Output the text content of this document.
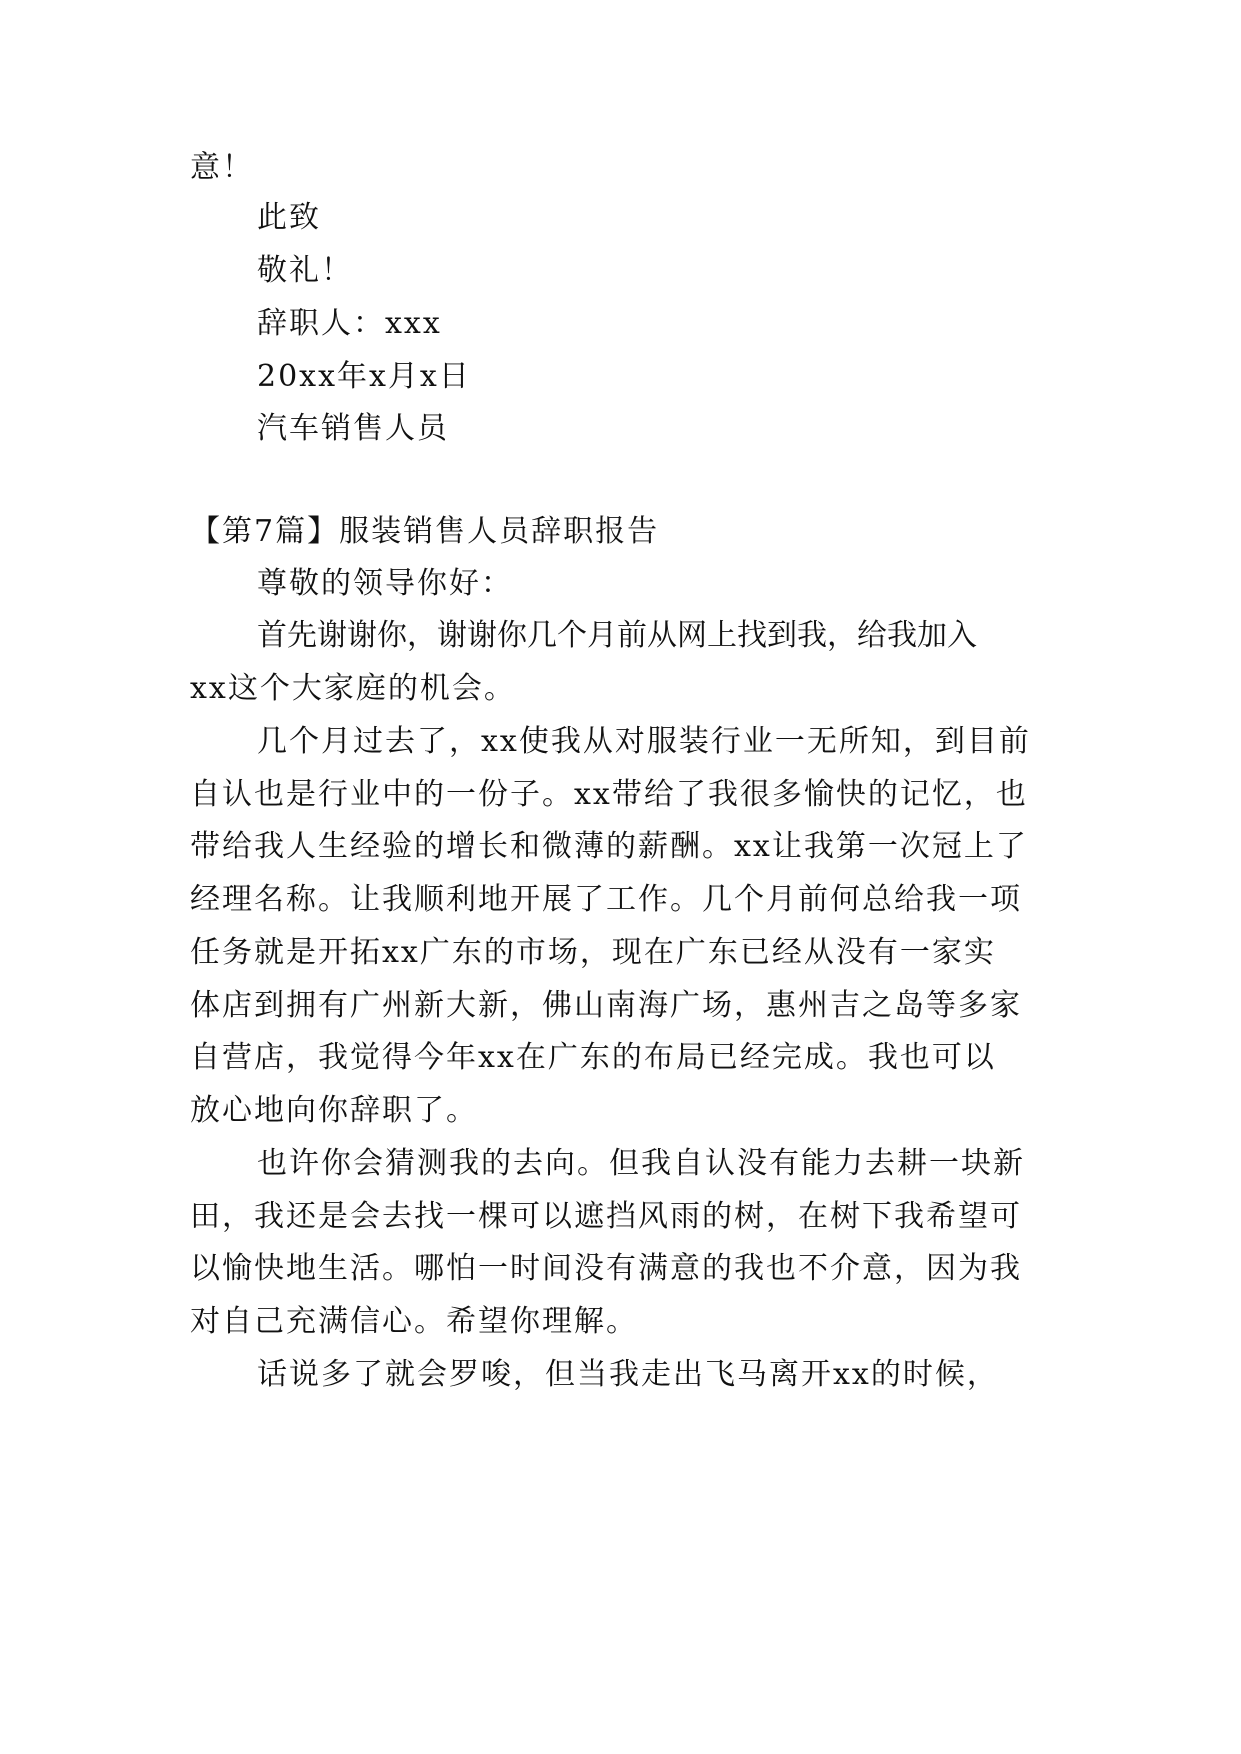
意！
此致
敬礼！
辞职人：xxx
20xx年x月x日
汽车销售人员
【第7篇】服装销售人员辞职报告
尊敬的领导你好：
首先谢谢你，谢谢你几个月前从网上找到我，给我加入
xx这个大家庭的机会。
几个月过去了，xx使我从对服装行业一无所知，到目前
自认也是行业中的一份子。xx带给了我很多愉快的记忆，也
带给我人生经验的增长和微薄的薪酬。xx让我第一次冠上了
经理名称。让我顺利地开展了工作。几个月前何总给我一项
任务就是开拓xx广东的市场，现在广东已经从没有一家实
体店到拥有广州新大新，佛山南海广场，惠州吉之岛等多家
自营店，我觉得今年xx在广东的布局已经完成。我也可以
放心地向你辞职了。
也许你会猜测我的去向。但我自认没有能力去耕一块新
田，我还是会去找一棵可以遮挡风雨的树，在树下我希望可
以愉快地生活。哪怕一时间没有满意的我也不介意，因为我
对自己充满信心。希望你理解。
话说多了就会罗唆，但当我走出飞马离开xx的时候，
